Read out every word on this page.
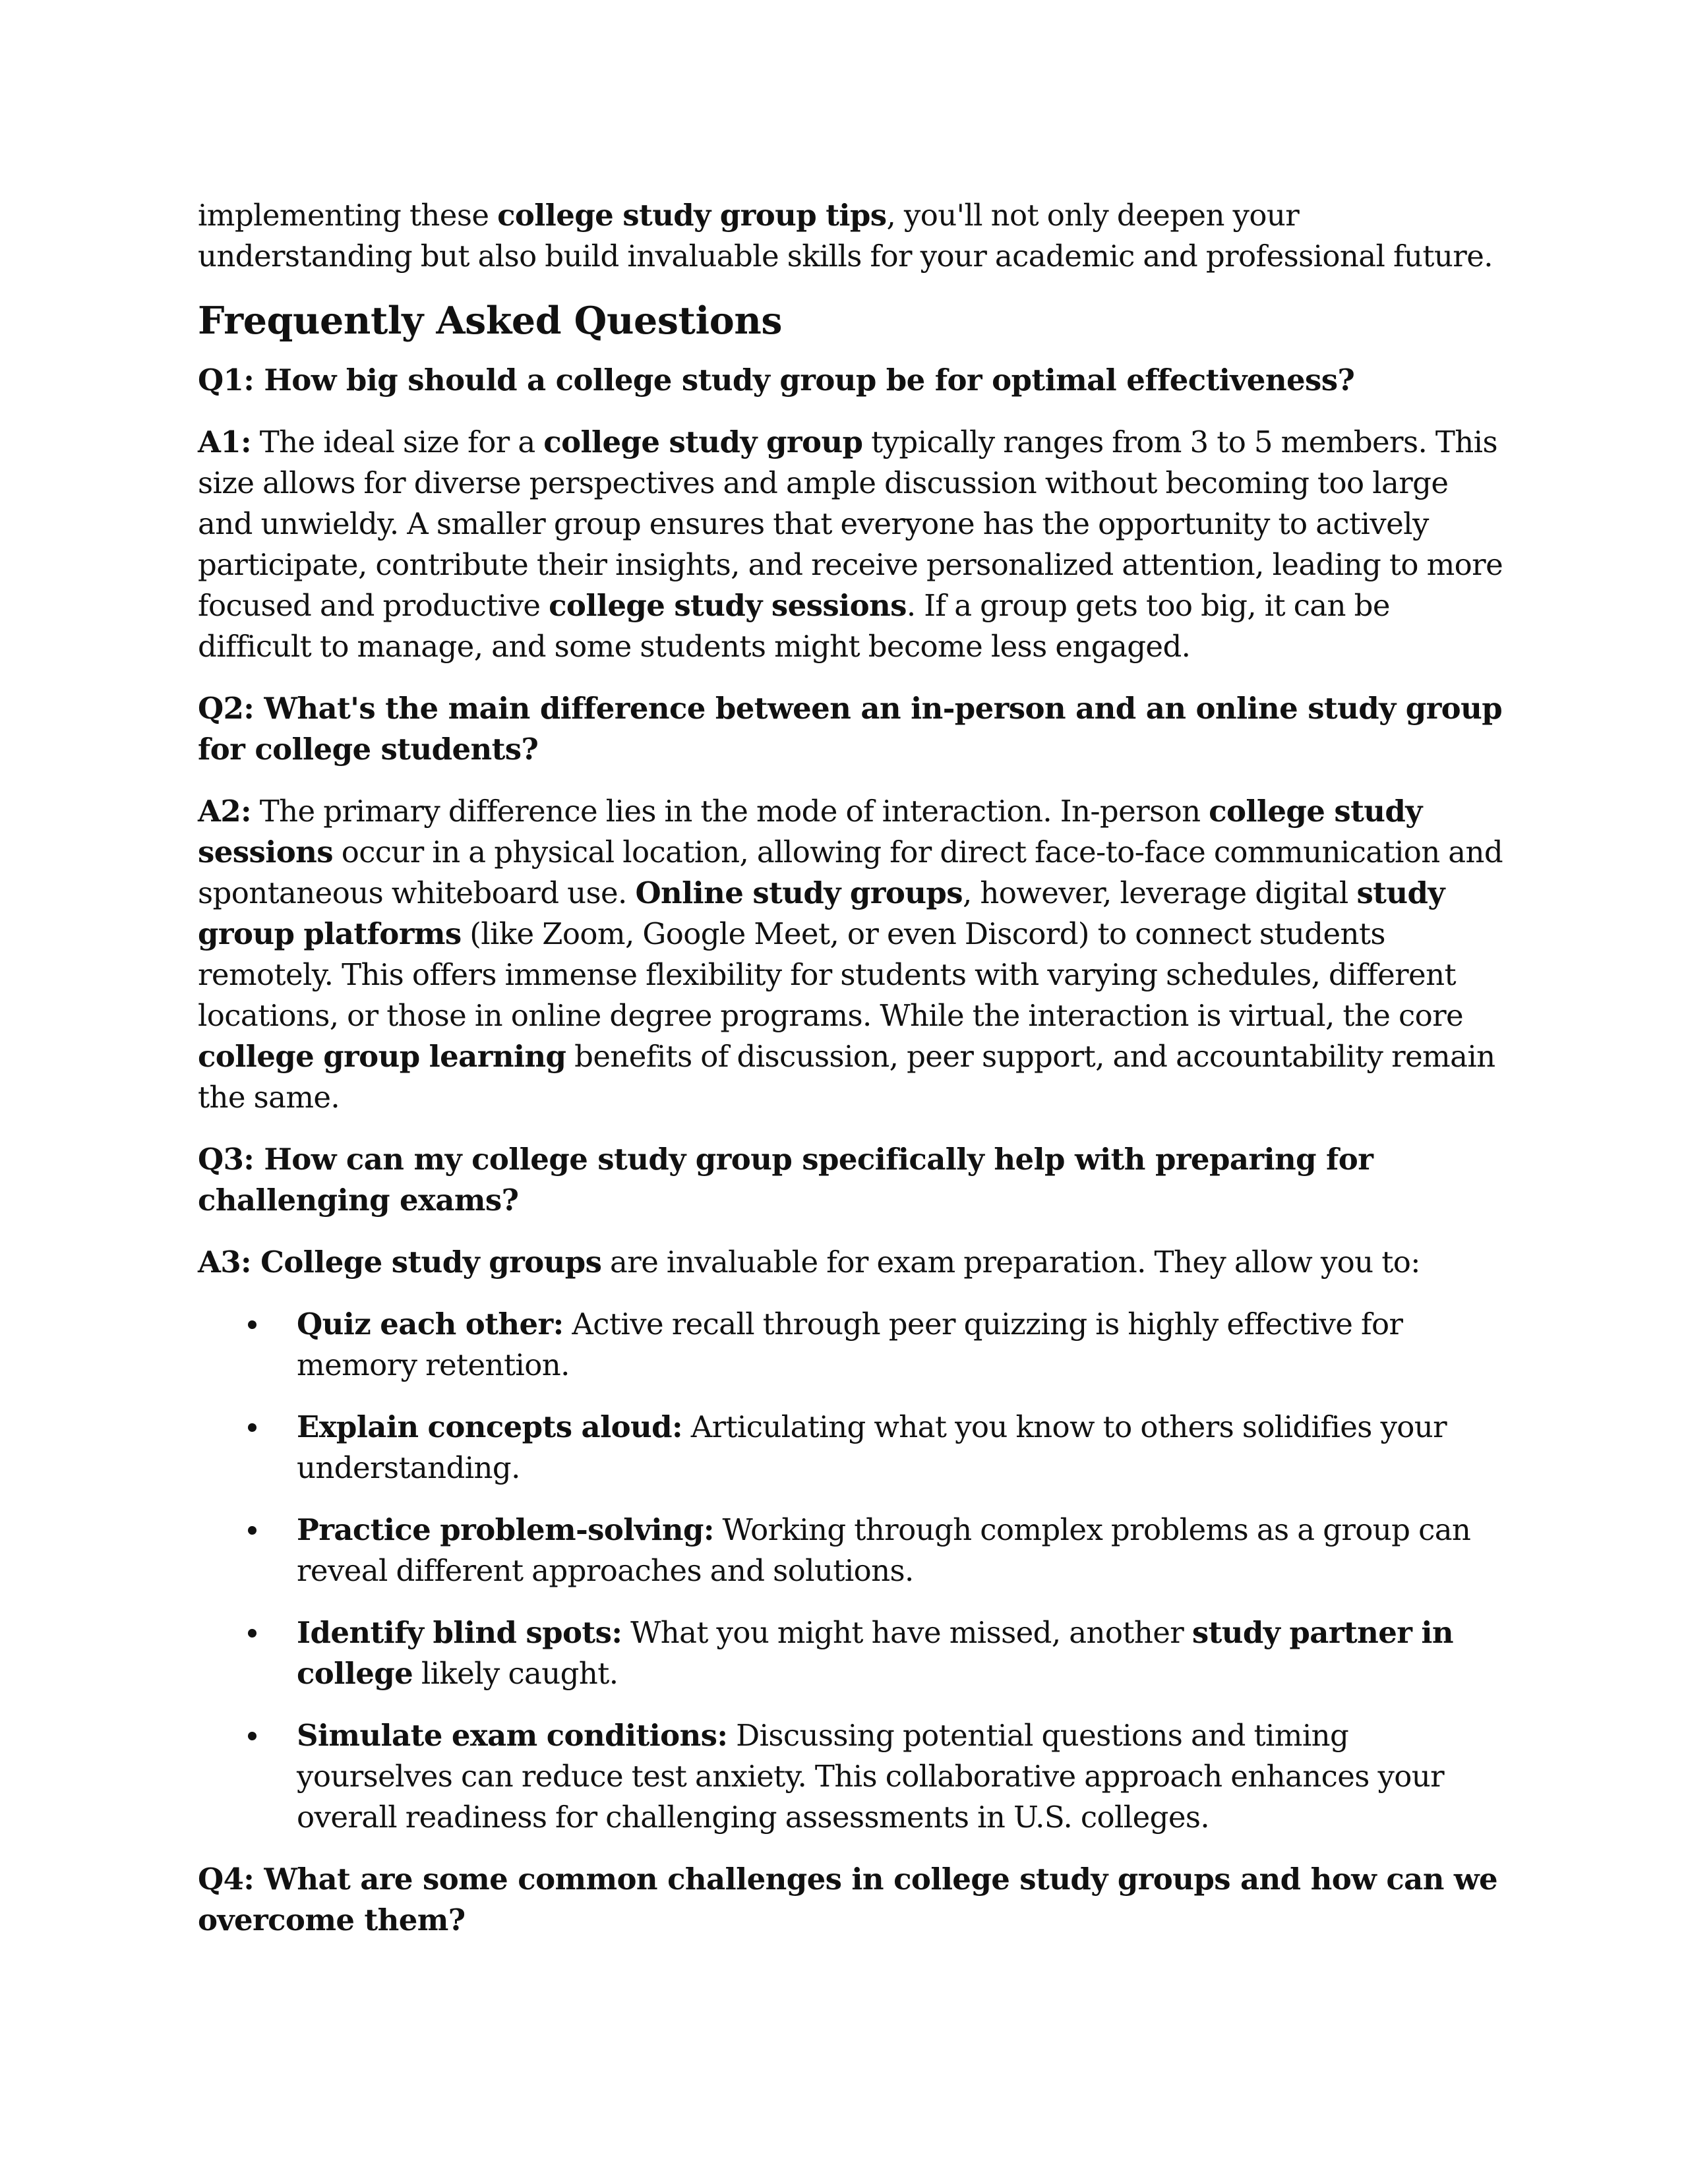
implementing these college study group tips, you'll not only deepen your understanding but also build invaluable skills for your academic and professional future.

Frequently Asked Questions
Q1: How big should a college study group be for optimal effectiveness?

A1: The ideal size for a college study group typically ranges from 3 to 5 members. This size allows for diverse perspectives and ample discussion without becoming too large and unwieldy. A smaller group ensures that everyone has the opportunity to actively participate, contribute their insights, and receive personalized attention, leading to more focused and productive college study sessions. If a group gets too big, it can be difficult to manage, and some students might become less engaged.

Q2: What's the main difference between an in-person and an online study group for college students?

A2: The primary difference lies in the mode of interaction. In-person college study sessions occur in a physical location, allowing for direct face-to-face communication and spontaneous whiteboard use. Online study groups, however, leverage digital study group platforms (like Zoom, Google Meet, or even Discord) to connect students remotely. This offers immense flexibility for students with varying schedules, different locations, or those in online degree programs. While the interaction is virtual, the core college group learning benefits of discussion, peer support, and accountability remain the same.

Q3: How can my college study group specifically help with preparing for challenging exams?

A3: College study groups are invaluable for exam preparation. They allow you to:

Quiz each other: Active recall through peer quizzing is highly effective for memory retention.
Explain concepts aloud: Articulating what you know to others solidifies your understanding.
Practice problem-solving: Working through complex problems as a group can reveal different approaches and solutions.
Identify blind spots: What you might have missed, another study partner in college likely caught.
Simulate exam conditions: Discussing potential questions and timing yourselves can reduce test anxiety. This collaborative approach enhances your overall readiness for challenging assessments in U.S. colleges.
Q4: What are some common challenges in college study groups and how can we overcome them?
